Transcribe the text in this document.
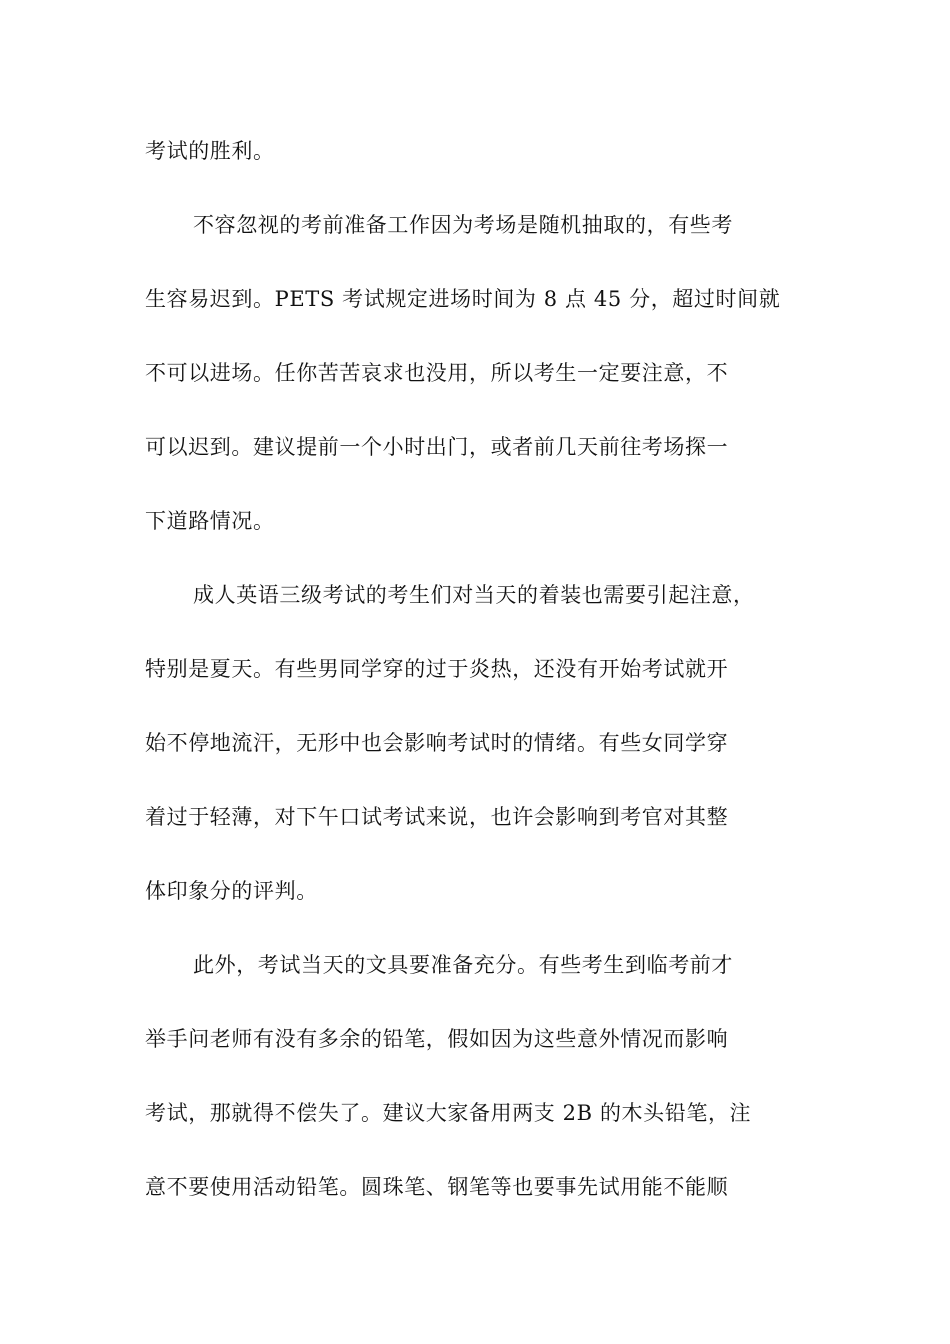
考试的胜利。
不容忽视的考前准备工作因为考场是随机抽取的，有些考
生容易迟到。PETS 考试规定进场时间为 8 点 45 分，超过时间就
不可以进场。任你苦苦哀求也没用，所以考生一定要注意，不
可以迟到。建议提前一个小时出门，或者前几天前往考场探一
下道路情况。
成人英语三级考试的考生们对当天的着装也需要引起注意，
特别是夏天。有些男同学穿的过于炎热，还没有开始考试就开
始不停地流汗，无形中也会影响考试时的情绪。有些女同学穿
着过于轻薄，对下午口试考试来说，也许会影响到考官对其整
体印象分的评判。
此外，考试当天的文具要准备充分。有些考生到临考前才
举手问老师有没有多余的铅笔，假如因为这些意外情况而影响
考试，那就得不偿失了。建议大家备用两支 2B 的木头铅笔，注
意不要使用活动铅笔。圆珠笔、钢笔等也要事先试用能不能顺
